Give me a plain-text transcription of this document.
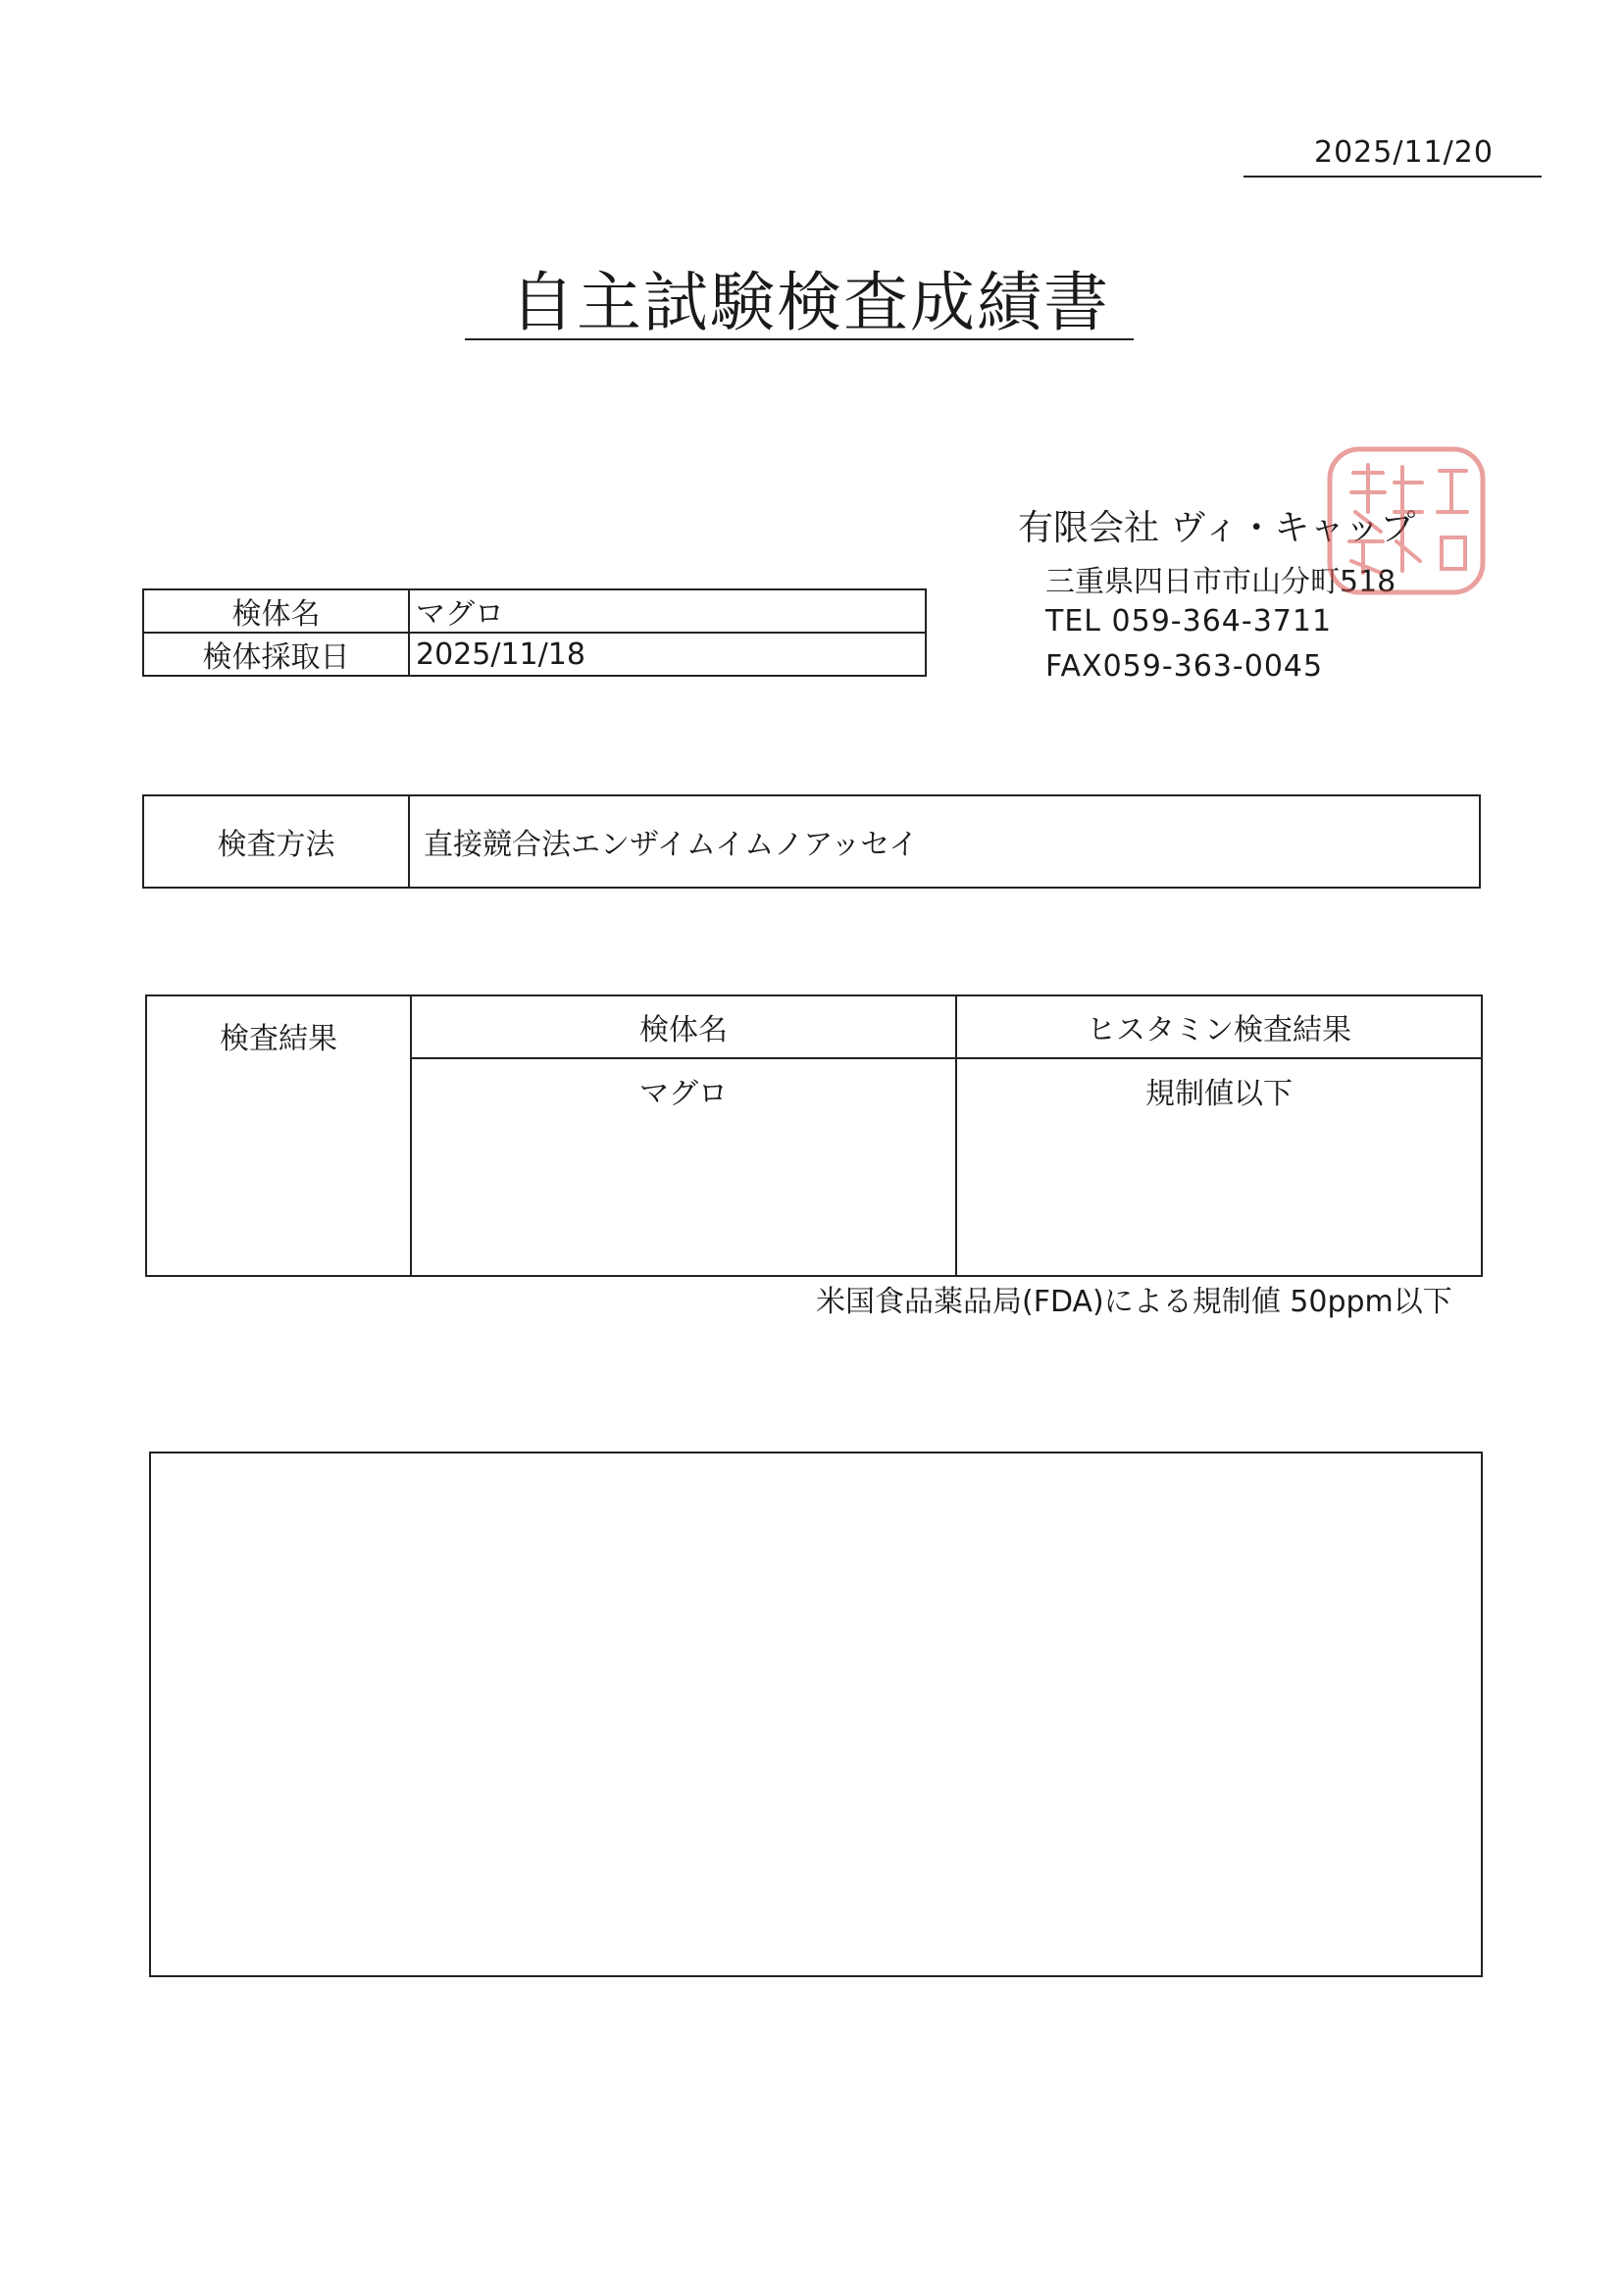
2025/11/20
自主試験検査成績書
有限会社 ヴィ・キャップ
三重県四日市市山分町518
TEL 059-364-3711
FAX059-363-0045
検体名	マグロ
検体採取日	2025/11/18
検査方法	直接競合法エンザイムイムノアッセイ
検査結果	検体名	ヒスタミン検査結果
マグロ	規制値以下
米国食品薬品局(FDA)による規制値 50ppm以下
